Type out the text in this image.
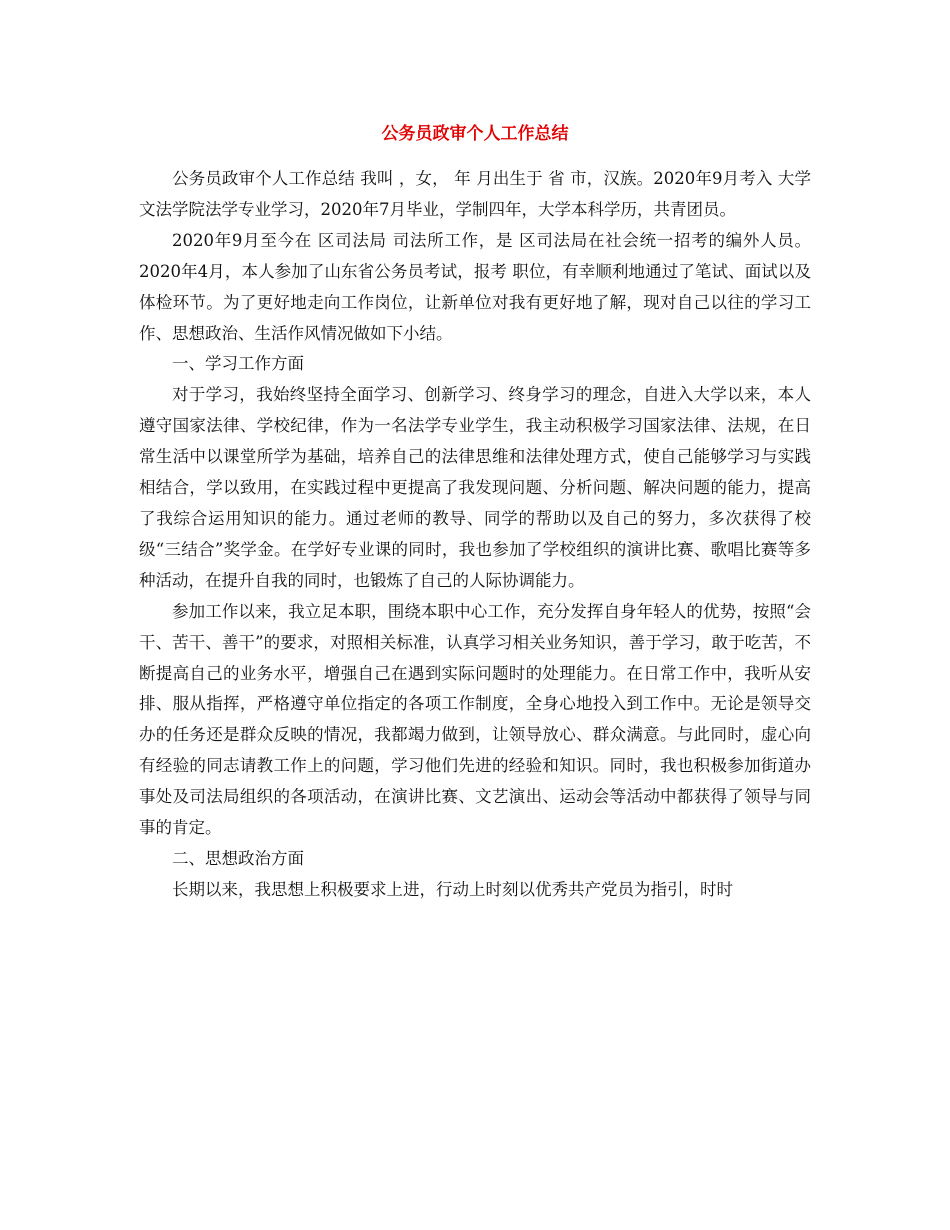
公务员政审个人工作总结

公务员政审个人工作总结 我叫 ，女， 年 月出生于 省 市，汉族。2020年9月考入 大学文法学院法学专业学习，2020年7月毕业，学制四年，大学本科学历，共青团员。

2020年9月至今在 区司法局 司法所工作，是 区司法局在社会统一招考的编外人员。2020年4月，本人参加了山东省公务员考试，报考 职位，有幸顺利地通过了笔试、面试以及体检环节。为了更好地走向工作岗位，让新单位对我有更好地了解，现对自己以往的学习工作、思想政治、生活作风情况做如下小结。

一、学习工作方面

对于学习，我始终坚持全面学习、创新学习、终身学习的理念，自进入大学以来，本人遵守国家法律、学校纪律，作为一名法学专业学生，我主动积极学习国家法律、法规，在日常生活中以课堂所学为基础，培养自己的法律思维和法律处理方式，使自己能够学习与实践相结合，学以致用，在实践过程中更提高了我发现问题、分析问题、解决问题的能力，提高了我综合运用知识的能力。通过老师的教导、同学的帮助以及自己的努力，多次获得了校级“三结合”奖学金。在学好专业课的同时，我也参加了学校组织的演讲比赛、歌唱比赛等多种活动，在提升自我的同时，也锻炼了自己的人际协调能力。

参加工作以来，我立足本职，围绕本职中心工作，充分发挥自身年轻人的优势，按照“会干、苦干、善干”的要求，对照相关标准，认真学习相关业务知识，善于学习，敢于吃苦，不断提高自己的业务水平，增强自己在遇到实际问题时的处理能力。在日常工作中，我听从安排、服从指挥，严格遵守单位指定的各项工作制度，全身心地投入到工作中。无论是领导交办的任务还是群众反映的情况，我都竭力做到，让领导放心、群众满意。与此同时，虚心向有经验的同志请教工作上的问题，学习他们先进的经验和知识。同时，我也积极参加街道办事处及司法局组织的各项活动，在演讲比赛、文艺演出、运动会等活动中都获得了领导与同事的肯定。

二、思想政治方面

长期以来，我思想上积极要求上进，行动上时刻以优秀共产党员为指引，时时
